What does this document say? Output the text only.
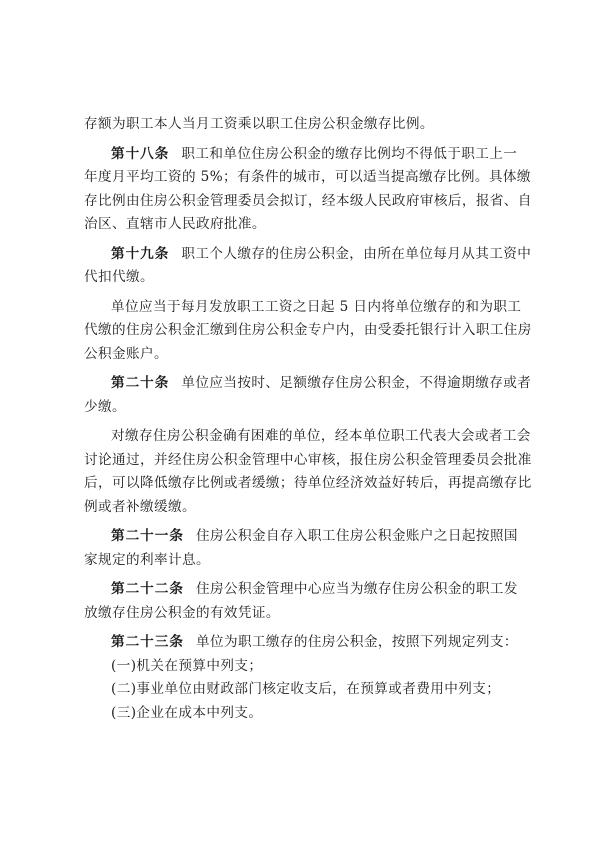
存额为职工本人当月工资乘以职工住房公积金缴存比例。
第十八条 职工和单位住房公积金的缴存比例均不得低于职工上一
年度月平均工资的 5%；有条件的城市，可以适当提高缴存比例。具体缴
存比例由住房公积金管理委员会拟订，经本级人民政府审核后，报省、自
治区、直辖市人民政府批准。
第十九条 职工个人缴存的住房公积金，由所在单位每月从其工资中
代扣代缴。
单位应当于每月发放职工工资之日起 5 日内将单位缴存的和为职工
代缴的住房公积金汇缴到住房公积金专户内，由受委托银行计入职工住房
公积金账户。
第二十条 单位应当按时、足额缴存住房公积金，不得逾期缴存或者
少缴。
对缴存住房公积金确有困难的单位，经本单位职工代表大会或者工会
讨论通过，并经住房公积金管理中心审核，报住房公积金管理委员会批准
后，可以降低缴存比例或者缓缴；待单位经济效益好转后，再提高缴存比
例或者补缴缓缴。
第二十一条 住房公积金自存入职工住房公积金账户之日起按照国
家规定的利率计息。
第二十二条 住房公积金管理中心应当为缴存住房公积金的职工发
放缴存住房公积金的有效凭证。
第二十三条 单位为职工缴存的住房公积金，按照下列规定列支：
(一)机关在预算中列支；
(二)事业单位由财政部门核定收支后，在预算或者费用中列支；
(三)企业在成本中列支。
